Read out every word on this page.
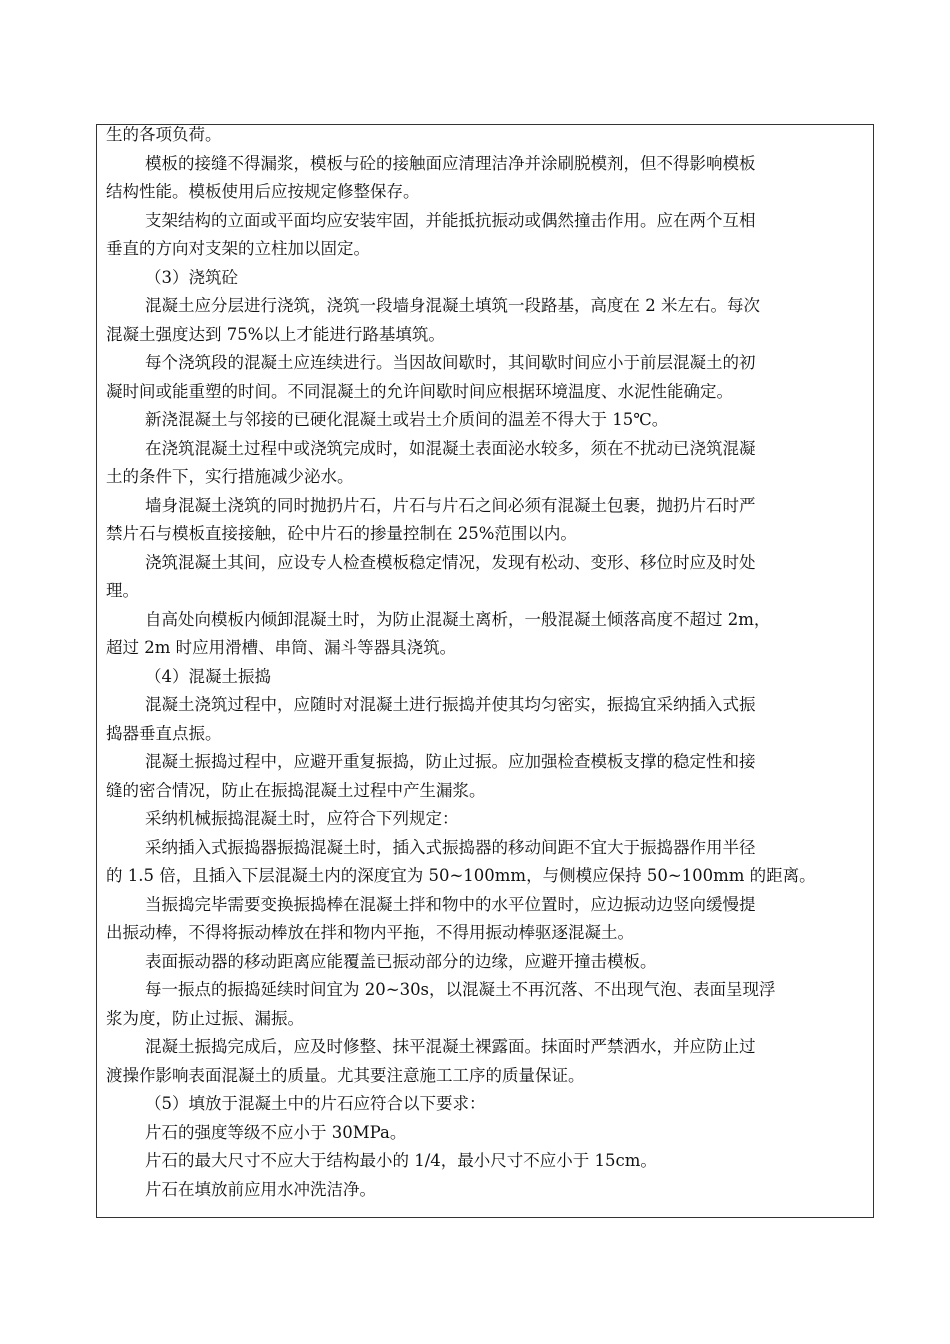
生的各项负荷。
模板的接缝不得漏浆，模板与砼的接触面应清理洁净并涂刷脱模剂，但不得影响模板
结构性能。模板使用后应按规定修整保存。
支架结构的立面或平面均应安装牢固，并能抵抗振动或偶然撞击作用。应在两个互相
垂直的方向对支架的立柱加以固定。
（3）浇筑砼
混凝土应分层进行浇筑，浇筑一段墙身混凝土填筑一段路基，高度在 2 米左右。每次
混凝土强度达到 75%以上才能进行路基填筑。
每个浇筑段的混凝土应连续进行。当因故间歇时，其间歇时间应小于前层混凝土的初
凝时间或能重塑的时间。不同混凝土的允许间歇时间应根据环境温度、水泥性能确定。
新浇混凝土与邻接的已硬化混凝土或岩土介质间的温差不得大于 15℃。
在浇筑混凝土过程中或浇筑完成时，如混凝土表面泌水较多，须在不扰动已浇筑混凝
土的条件下，实行措施减少泌水。
墙身混凝土浇筑的同时抛扔片石，片石与片石之间必须有混凝土包裹，抛扔片石时严
禁片石与模板直接接触，砼中片石的掺量控制在 25%范围以内。
浇筑混凝土其间，应设专人检查模板稳定情况，发现有松动、变形、移位时应及时处
理。
自高处向模板内倾卸混凝土时，为防止混凝土离析，一般混凝土倾落高度不超过 2m，
超过 2m 时应用滑槽、串筒、漏斗等器具浇筑。
（4）混凝土振捣
混凝土浇筑过程中，应随时对混凝土进行振捣并使其均匀密实，振捣宜采纳插入式振
捣器垂直点振。
混凝土振捣过程中，应避开重复振捣，防止过振。应加强检查模板支撑的稳定性和接
缝的密合情况，防止在振捣混凝土过程中产生漏浆。
采纳机械振捣混凝土时，应符合下列规定：
采纳插入式振捣器振捣混凝土时，插入式振捣器的移动间距不宜大于振捣器作用半径
的 1.5 倍，且插入下层混凝土内的深度宜为 50~100mm，与侧模应保持 50~100mm 的距离。
当振捣完毕需要变换振捣棒在混凝土拌和物中的水平位置时，应边振动边竖向缓慢提
出振动棒，不得将振动棒放在拌和物内平拖，不得用振动棒驱逐混凝土。
表面振动器的移动距离应能覆盖已振动部分的边缘，应避开撞击模板。
每一振点的振捣延续时间宜为 20~30s，以混凝土不再沉落、不出现气泡、表面呈现浮
浆为度，防止过振、漏振。
混凝土振捣完成后，应及时修整、抹平混凝土裸露面。抹面时严禁洒水，并应防止过
渡操作影响表面混凝土的质量。尤其要注意施工工序的质量保证。
（5）填放于混凝土中的片石应符合以下要求：
片石的强度等级不应小于 30MPa。
片石的最大尺寸不应大于结构最小的 1/4，最小尺寸不应小于 15cm。
片石在填放前应用水冲洗洁净。
